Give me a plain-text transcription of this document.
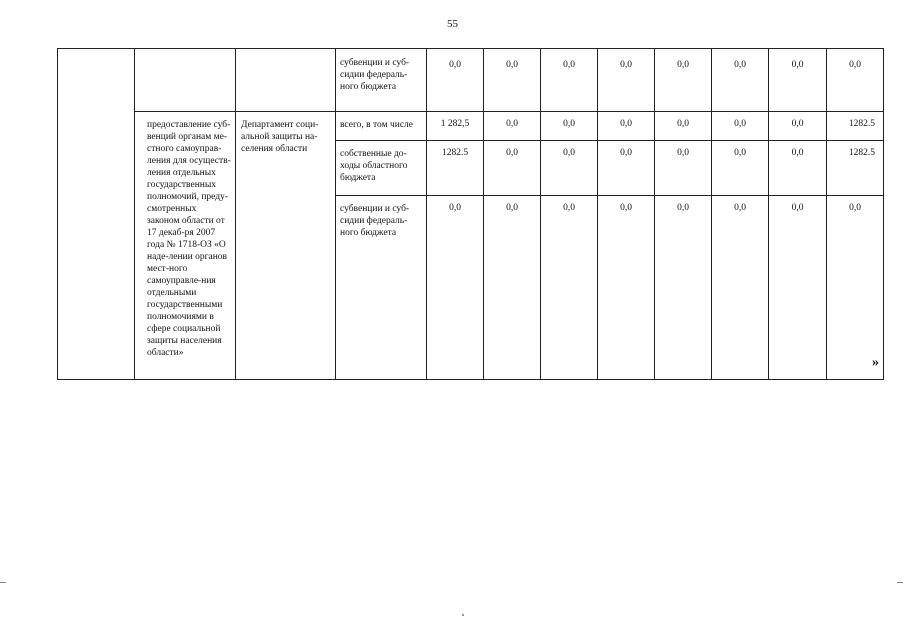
55
			субвенции и суб-сидии федераль-ного бюджета	0,0	0,0	0,0	0,0	0,0	0,0	0,0	0,0
	предоставление суб-венций органам ме-стного самоуправ-ления для осуществ-ления отдельных государственных полномочий, преду-смотренных законом области от 17 декаб-ря 2007 года № 1718-ОЗ «О наде-лении органов мест-ного самоуправле-ния отдельными государственными полномочиями в сфере социальной защиты населения области»	Департамент соци-альной защиты на-селения области	всего, в том числе	1 282,5	0,0	0,0	0,0	0,0	0,0	0,0	1282.5
			собственные до-ходы областного бюджета	1282.5	0,0	0,0	0,0	0,0	0,0	0,0	1282.5
			субвенции и суб-сидии федераль-ного бюджета	0,0	0,0	0,0	0,0	0,0	0,0	0,0	0,0
»
